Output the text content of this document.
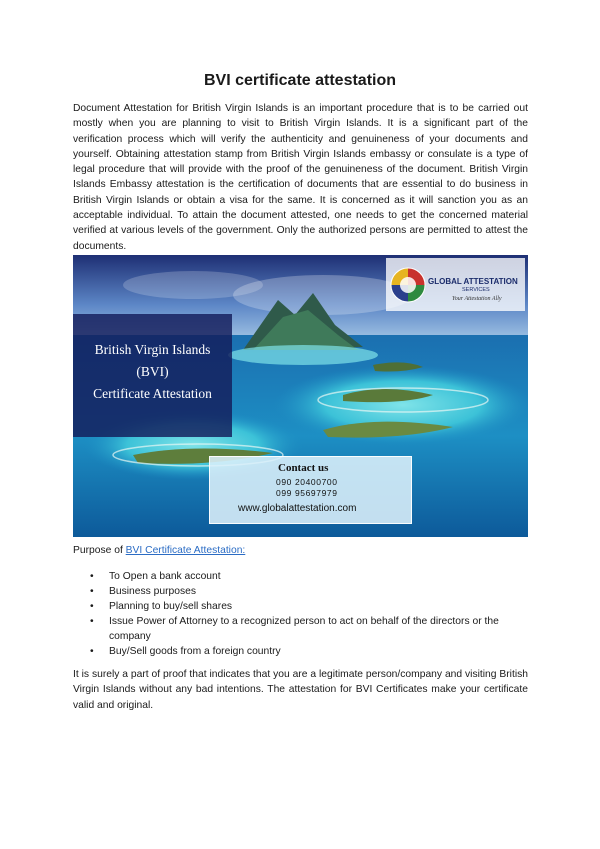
BVI certificate attestation
Document Attestation for British Virgin Islands is an important procedure that is to be carried out mostly when you are planning to visit to British Virgin Islands. It is a significant part of the verification process which will verify the authenticity and genuineness of your documents and yourself. Obtaining attestation stamp from British Virgin Islands embassy or consulate is a type of legal procedure that will provide with the proof of the genuineness of the document. British Virgin Islands Embassy attestation is the certification of documents that are essential to do business in British Virgin Islands or obtain a visa for the same. It is concerned as it will sanction you as an acceptable individual. To attain the document attested, one needs to get the concerned material verified at various levels of the government. Only the authorized persons are permitted to attest the documents.
British Virgin Islands
(BVI)
Certificate Attestation
GLOBAL ATTESTATION
SERVICES
Your Attestation Ally
Contact us
090 20400700
099 95697979
www.globalattestation.com
Purpose of BVI Certificate Attestation:
• To Open a bank account
• Business purposes
• Planning to buy/sell shares
• Issue Power of Attorney to a recognized person to act on behalf of the directors or the company
• Buy/Sell goods from a foreign country
It is surely a part of proof that indicates that you are a legitimate person/company and visiting British Virgin Islands without any bad intentions. The attestation for BVI Certificates make your certificate valid and original.
